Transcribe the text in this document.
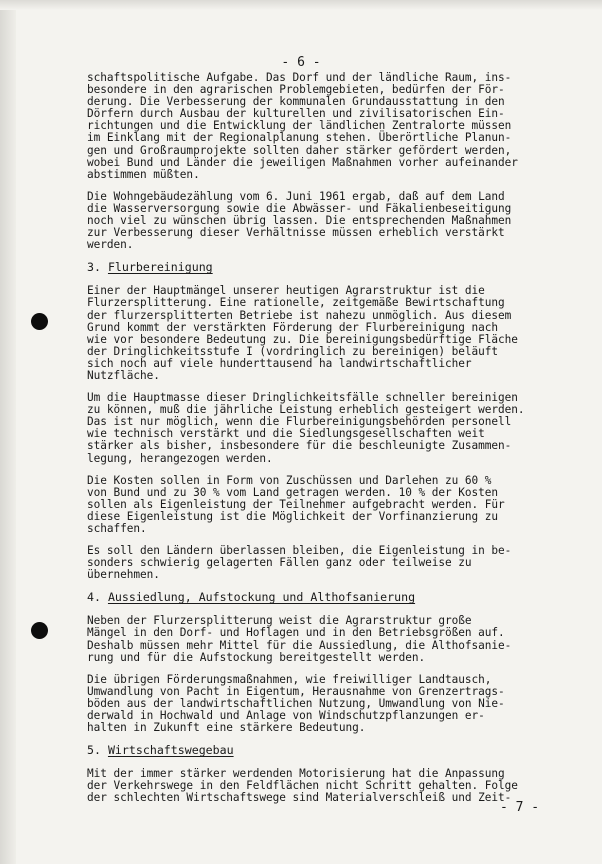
- 6 -
schaftspolitische Aufgabe. Das Dorf und der ländliche Raum, ins-
besondere in den agrarischen Problemgebieten, bedürfen der För-
derung. Die Verbesserung der kommunalen Grundausstattung in den
Dörfern durch Ausbau der kulturellen und zivilisatorischen Ein-
richtungen und die Entwicklung der ländlichen Zentralorte müssen
im Einklang mit der Regionalplanung stehen. Überörtliche Planun-
gen und Großraumprojekte sollten daher stärker gefördert werden,
wobei Bund und Länder die jeweiligen Maßnahmen vorher aufeinander
abstimmen müßten.
Die Wohngebäudezählung vom 6. Juni 1961 ergab, daß auf dem Land
die Wasserversorgung sowie die Abwässer- und Fäkalienbeseitigung
noch viel zu wünschen übrig lassen. Die entsprechenden Maßnahmen
zur Verbesserung dieser Verhältnisse müssen erheblich verstärkt
werden.
3. Flurbereinigung
Einer der Hauptmängel unserer heutigen Agrarstruktur ist die
Flurzersplitterung. Eine rationelle, zeitgemäße Bewirtschaftung
der flurzersplitterten Betriebe ist nahezu unmöglich. Aus diesem
Grund kommt der verstärkten Förderung der Flurbereinigung nach
wie vor besondere Bedeutung zu. Die bereinigungsbedürftige Fläche
der Dringlichkeitsstufe I (vordringlich zu bereinigen) beläuft
sich noch auf viele hunderttausend ha landwirtschaftlicher
Nutzfläche.
Um die Hauptmasse dieser Dringlichkeitsfälle schneller bereinigen
zu können, muß die jährliche Leistung erheblich gesteigert werden.
Das ist nur möglich, wenn die Flurbereinigungsbehörden personell
wie technisch verstärkt und die Siedlungsgesellschaften weit
stärker als bisher, insbesondere für die beschleunigte Zusammen-
legung, herangezogen werden.
Die Kosten sollen in Form von Zuschüssen und Darlehen zu 60 %
von Bund und zu 30 % vom Land getragen werden. 10 % der Kosten
sollen als Eigenleistung der Teilnehmer aufgebracht werden. Für
diese Eigenleistung ist die Möglichkeit der Vorfinanzierung zu
schaffen.
Es soll den Ländern überlassen bleiben, die Eigenleistung in be-
sonders schwierig gelagerten Fällen ganz oder teilweise zu
übernehmen.
4. Aussiedlung, Aufstockung und Althofsanierung
Neben der Flurzersplitterung weist die Agrarstruktur große
Mängel in den Dorf- und Hoflagen und in den Betriebsgrößen auf.
Deshalb müssen mehr Mittel für die Aussiedlung, die Althofsanie-
rung und für die Aufstockung bereitgestellt werden.
Die übrigen Förderungsmaßnahmen, wie freiwilliger Landtausch,
Umwandlung von Pacht in Eigentum, Herausnahme von Grenzertrags-
böden aus der landwirtschaftlichen Nutzung, Umwandlung von Nie-
derwald in Hochwald und Anlage von Windschutzpflanzungen er-
halten in Zukunft eine stärkere Bedeutung.
5. Wirtschaftswegebau
Mit der immer stärker werdenden Motorisierung hat die Anpassung
der Verkehrswege in den Feldflächen nicht Schritt gehalten. Folge
der schlechten Wirtschaftswege sind Materialverschleiß und Zeit-
- 7 -
